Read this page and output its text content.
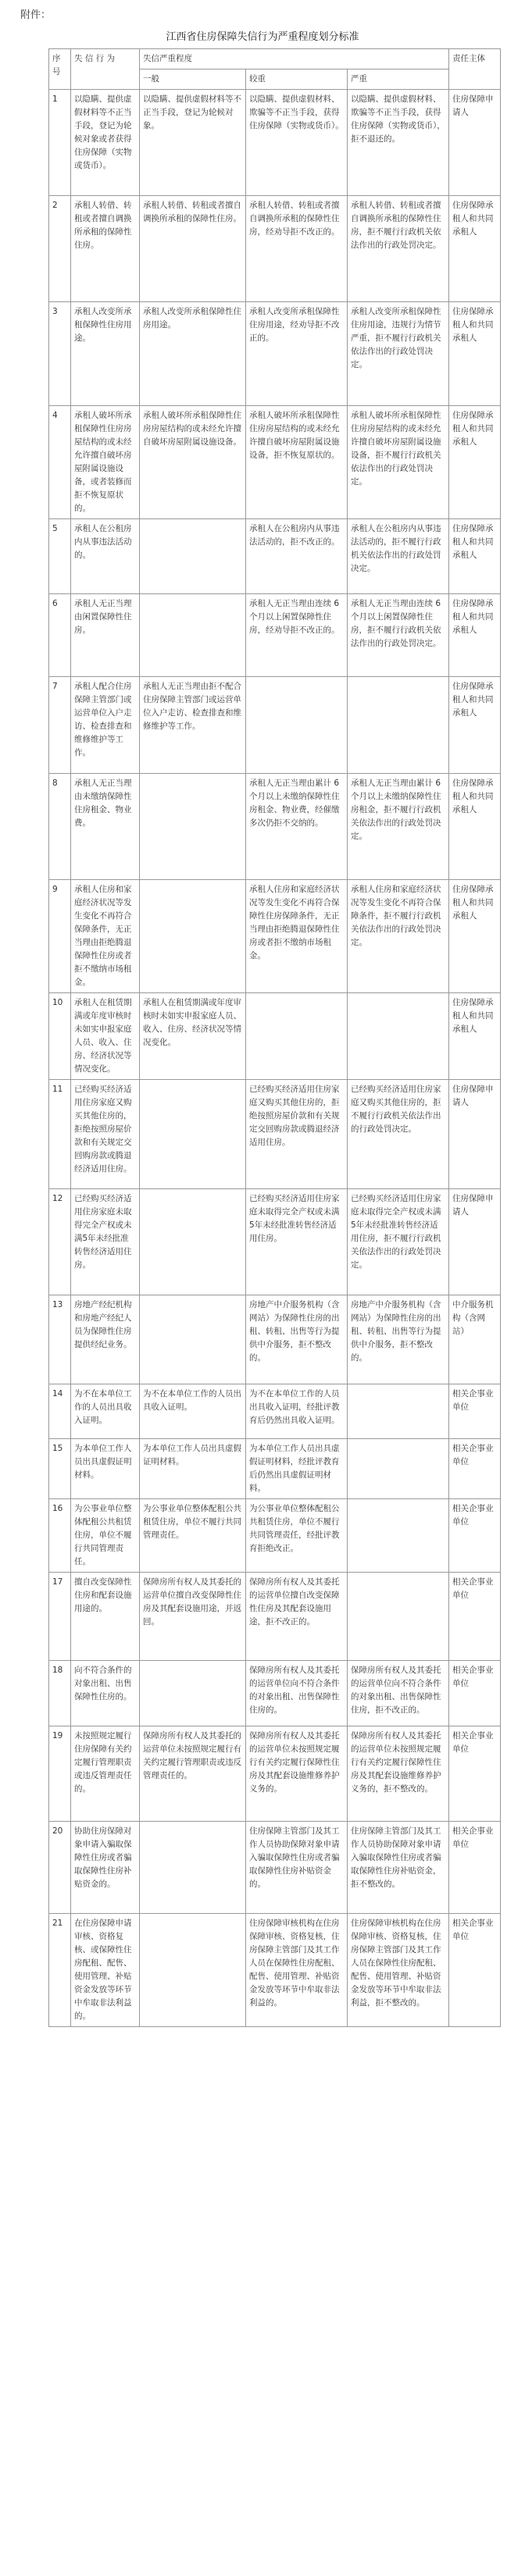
附件：
江西省住房保障失信行为严重程度划分标准
序号	失 信 行 为	失信严重程度			责任主体
		一般	较重	严重	
1	以隐瞒、提供虚假材料等不正当手段，登记为轮候对象或者获得住房保障（实物或货币）。	以隐瞒、提供虚假材料等不正当手段，登记为轮候对象。	以隐瞒、提供虚假材料、欺骗等不正当手段，获得住房保障（实物或货币）。	以隐瞒、提供虚假材料、欺骗等不正当手段，获得住房保障（实物或货币），拒不退还的。	住房保障申请人
2	承租人转借、转租或者擅自调换所承租的保障性住房。	承租人转借、转租或者擅自调换所承租的保障性住房。	承租人转借、转租或者擅自调换所承租的保障性住房，经劝导拒不改正的。	承租人转借、转租或者擅自调换所承租的保障性住房，拒不履行行政机关依法作出的行政处罚决定。	住房保障承租人和共同承租人
3	承租人改变所承租保障性住房用途。	承租人改变所承租保障性住房用途。	承租人改变所承租保障性住房用途，经劝导拒不改正的。	承租人改变所承租保障性住房用途，违规行为情节严重，拒不履行行政机关依法作出的行政处罚决定。	住房保障承租人和共同承租人
4	承租人破坏所承租保障性住房房屋结构的或未经允许擅自破坏房屋附属设施设备，或者装修而拒不恢复原状的。	承租人破坏所承租保障性住房房屋结构的或未经允许擅自破坏房屋附属设施设备。	承租人破坏所承租保障性住房房屋结构的或未经允许擅自破坏房屋附属设施设备，拒不恢复原状的。	承租人破坏所承租保障性住房房屋结构的或未经允许擅自破坏房屋附属设施设备，拒不履行行政机关依法作出的行政处罚决定。	住房保障承租人和共同承租人
5	承租人在公租房内从事违法活动的。		承租人在公租房内从事违法活动的，拒不改正的。	承租人在公租房内从事违法活动的，拒不履行行政机关依法作出的行政处罚决定。	住房保障承租人和共同承租人
6	承租人无正当理由闲置保障性住房。		承租人无正当理由连续 6 个月以上闲置保障性住房，经劝导拒不改正的。	承租人无正当理由连续 6 个月以上闲置保障性住房，拒不履行行政机关依法作出的行政处罚决定。	住房保障承租人和共同承租人
7	承租人配合住房保障主管部门或运营单位入户走访、检查排查和维修维护等工作。	承租人无正当理由拒不配合住房保障主管部门或运营单位入户走访、检查排查和维修维护等工作。			住房保障承租人和共同承租人
8	承租人无正当理由未缴纳保障性住房租金、物业费。		承租人无正当理由累计 6 个月以上未缴纳保障性住房租金、物业费，经催缴多次仍拒不交纳的。	承租人无正当理由累计 6 个月以上未缴纳保障性住房租金，拒不履行行政机关依法作出的行政处罚决定。	住房保障承租人和共同承租人
9	承租人住房和家庭经济状况等发生变化不再符合保障条件，无正当理由拒绝腾退保障性住房或者拒不缴纳市场租金。		承租人住房和家庭经济状况等发生变化不再符合保障性住房保障条件，无正当理由拒绝腾退保障性住房或者拒不缴纳市场租金。	承租人住房和家庭经济状况等发生变化不再符合保障条件，拒不履行行政机关依法作出的行政处罚决定。	住房保障承租人和共同承租人
10	承租人在租赁期满或年度审核时未如实申报家庭人员、收入、住房、经济状况等情况变化。	承租人在租赁期满或年度审核时未如实申报家庭人员、收入、住房、经济状况等情况变化。			住房保障承租人和共同承租人
11	已经购买经济适用住房家庭又购买其他住房的，拒绝按照房屋价款和有关规定交回购房款或腾退经济适用住房。		已经购买经济适用住房家庭又购买其他住房的，拒绝按照房屋价款和有关规定交回购房款或腾退经济适用住房。	已经购买经济适用住房家庭又购买其他住房的，拒不履行行政机关依法作出的行政处罚决定。	住房保障申请人
12	已经购买经济适用住房家庭未取得完全产权或未满5年未经批准转售经济适用住房。		已经购买经济适用住房家庭未取得完全产权或未满5年未经批准转售经济适用住房。	已经购买经济适用住房家庭未取得完全产权或未满5年未经批准转售经济适用住房，拒不履行行政机关依法作出的行政处罚决定。	住房保障申请人
13	房地产经纪机构和房地产经纪人员为保障性住房提供经纪业务。		房地产中介服务机构（含网站）为保障性住房的出租、转租、出售等行为提供中介服务，拒不整改的。	房地产中介服务机构（含网站）为保障性住房的出租、转租、出售等行为提供中介服务，拒不整改的。	中介服务机构（含网站）
14	为不在本单位工作的人员出具收入证明。	为不在本单位工作的人员出具收入证明。	为不在本单位工作的人员出具收入证明，经批评教育后仍然出具收入证明。		相关企事业单位
15	为本单位工作人员出具虚假证明材料。	为本单位工作人员出具虚假证明材料。	为本单位工作人员出具虚假证明材料，经批评教育后仍然出具虚假证明材料。		相关企事业单位
16	为公事业单位整体配租公共租赁住房，单位不履行共同管理责任。	为公事业单位整体配租公共租赁住房，单位不履行共同管理责任。	为公事业单位整体配租公共租赁住房，单位不履行共同管理责任，经批评教育拒绝改正。		相关企事业单位
17	擅自改变保障性住房和配套设施用途的。	保障房所有权人及其委托的运营单位擅自改变保障性住房及其配套设施用途，并返回。	保障房所有权人及其委托的运营单位擅自改变保障性住房及其配套设施用途，拒不改正的。		相关企事业单位
18	向不符合条件的对象出租、出售保障性住房的。		保障房所有权人及其委托的运营单位向不符合条件的对象出租、出售保障性住房的。	保障房所有权人及其委托的运营单位向不符合条件的对象出租、出售保障性住房，拒不改正的。	相关企事业单位
19	未按照规定履行住房保障有关约定履行管理职责或违反管理责任的。	保障房所有权人及其委托的运营单位未按照规定履行有关约定履行管理职责或违反管理责任的。	保障房所有权人及其委托的运营单位未按照规定履行有关约定履行保障性住房及其配套设施维修养护义务的。	保障房所有权人及其委托的运营单位未按照规定履行有关约定履行保障性住房及其配套设施维修养护义务的，拒不整改的。	相关企事业单位
20	协助住房保障对象申请入骗取保障性住房或者骗取保障性住房补贴资金的。		住房保障主管部门及其工作人员协助保障对象申请入骗取保障性住房或者骗取保障性住房补贴资金的。	住房保障主管部门及其工作人员协助保障对象申请入骗取保障性住房或者骗取保障性住房补贴资金，拒不整改的。	相关企事业单位
21	在住房保障申请审核、资格复核、或保障性住房配租、配售、使用管理、补贴资金发放等环节中牟取非法利益的。		住房保障审核机构在住房保障审核、资格复核，住房保障主管部门及其工作人员在保障性住房配租、配售、使用管理、补贴资金发放等环节中牟取非法利益的。	住房保障审核机构在住房保障审核、资格复核，住房保障主管部门及其工作人员在保障性住房配租、配售、使用管理、补贴资金发放等环节中牟取非法利益，拒不整改的。	相关企事业单位
